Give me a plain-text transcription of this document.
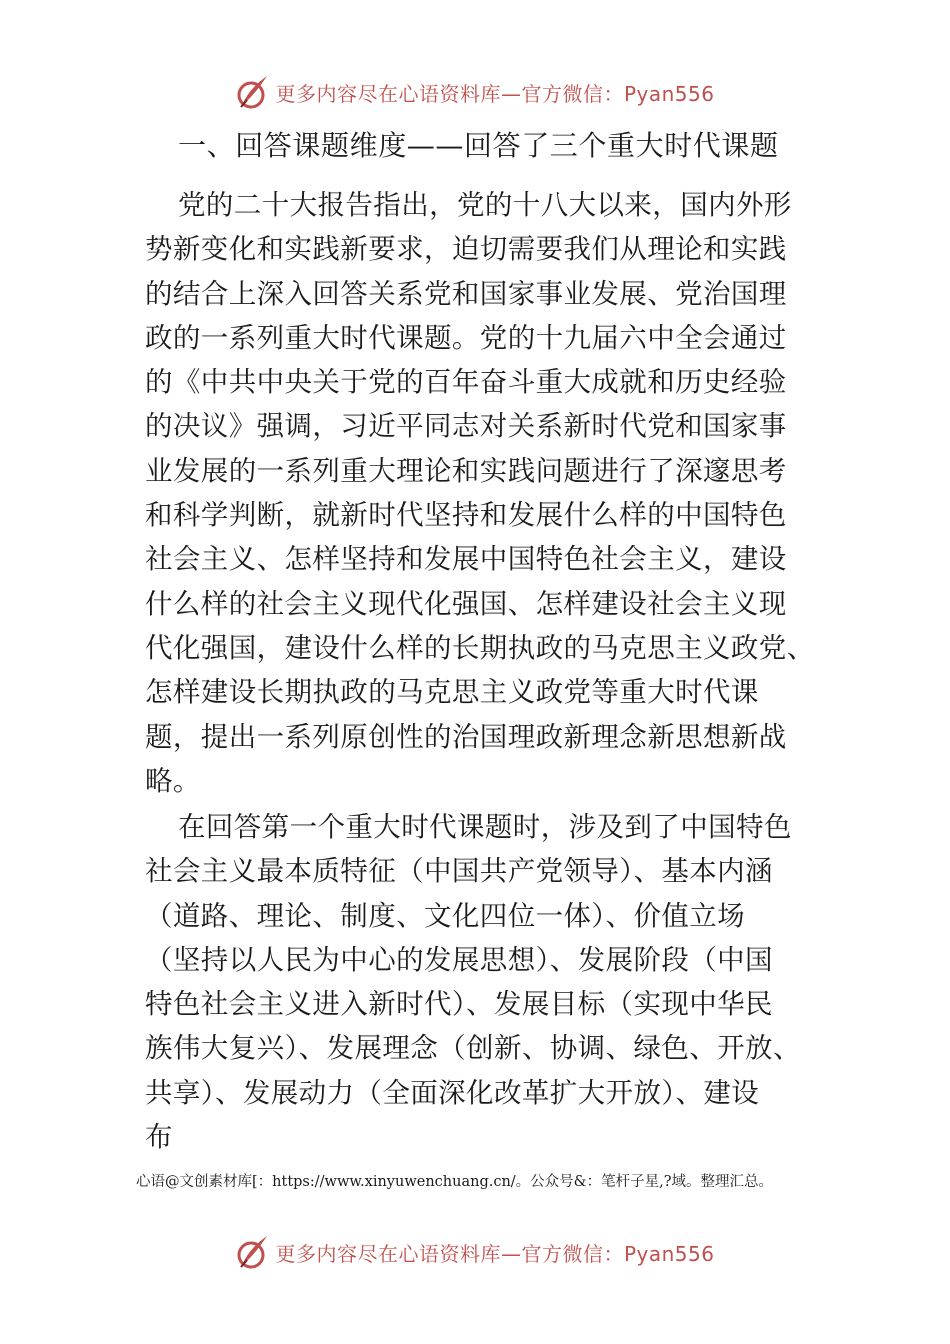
更多内容尽在心语资料库—官方微信：Pyan556
一、回答课题维度——回答了三个重大时代课题
党的二十大报告指出，党的十八大以来，国内外形
势新变化和实践新要求，迫切需要我们从理论和实践
的结合上深入回答关系党和国家事业发展、党治国理
政的一系列重大时代课题。党的十九届六中全会通过
的《中共中央关于党的百年奋斗重大成就和历史经验
的决议》强调，习近平同志对关系新时代党和国家事
业发展的一系列重大理论和实践问题进行了深邃思考
和科学判断，就新时代坚持和发展什么样的中国特色
社会主义、怎样坚持和发展中国特色社会主义，建设
什么样的社会主义现代化强国、怎样建设社会主义现
代化强国，建设什么样的长期执政的马克思主义政党、
怎样建设长期执政的马克思主义政党等重大时代课
题，提出一系列原创性的治国理政新理念新思想新战
略。
在回答第一个重大时代课题时，涉及到了中国特色
社会主义最本质特征（中国共产党领导）、基本内涵
（道路、理论、制度、文化四位一体）、价值立场
（坚持以人民为中心的发展思想）、发展阶段（中国
特色社会主义进入新时代）、发展目标（实现中华民
族伟大复兴）、发展理念（创新、协调、绿色、开放、
共享）、发展动力（全面深化改革扩大开放）、建设
布
心语@文创素材库[：https://www.xinyuwenchuang.cn/。公众号&：笔杆子星,?域。整理汇总。
更多内容尽在心语资料库—官方微信：Pyan556
